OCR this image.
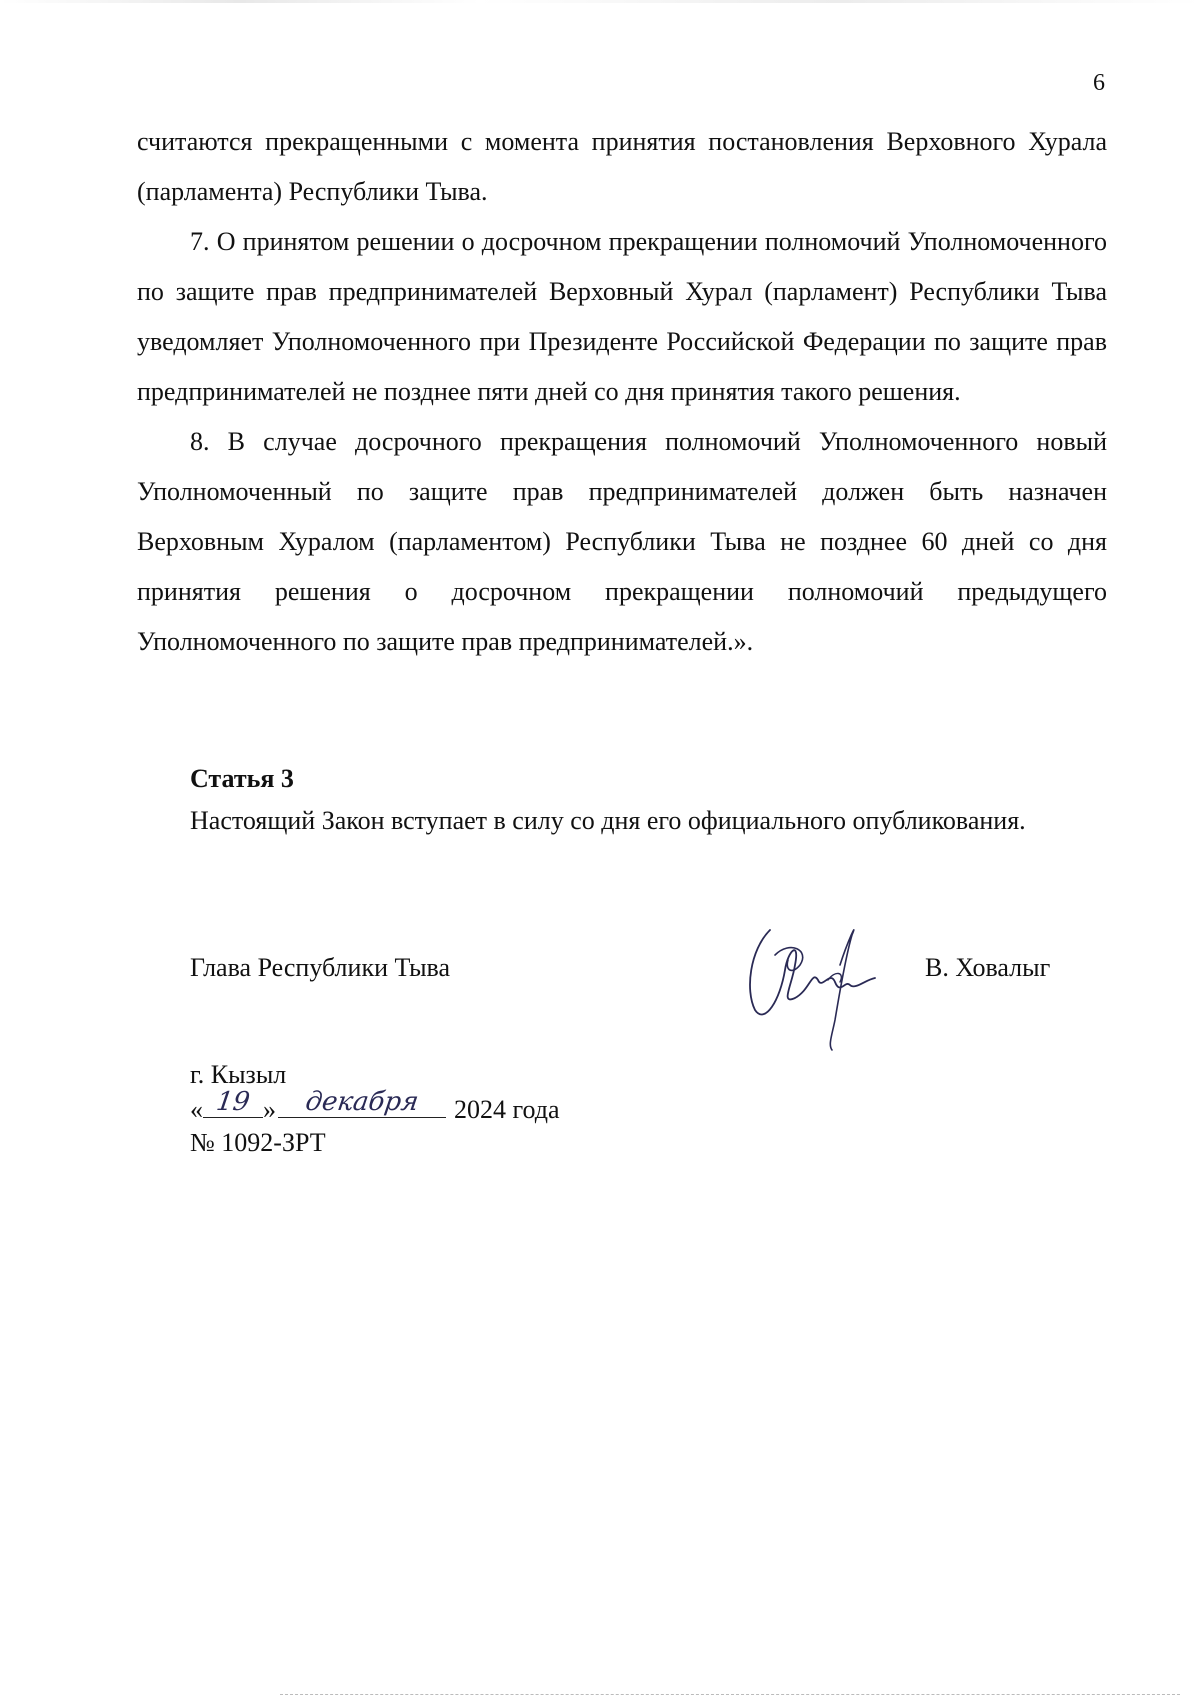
6

считаются прекращенными с момента принятия постановления Верховного Хурала (парламента) Республики Тыва.

7. О принятом решении о досрочном прекращении полномочий Уполномоченного по защите прав предпринимателей Верховный Хурал (парламент) Республики Тыва уведомляет Уполномоченного при Президенте Российской Федерации по защите прав предпринимателей не позднее пяти дней со дня принятия такого решения.

8. В случае досрочного прекращения полномочий Уполномоченного новый Уполномоченный по защите прав предпринимателей должен быть назначен Верховным Хуралом (парламентом) Республики Тыва не позднее 60 дней со дня принятия решения о досрочном прекращении полномочий предыдущего Уполномоченного по защите прав предпринимателей.».

Статья 3
Настоящий Закон вступает в силу со дня его официального опубликования.
Глава Республики Тыва	В. Ховалыг
г. Кызыл
« 19 »	декабря	2024 года
№ 1092-ЗРТ
